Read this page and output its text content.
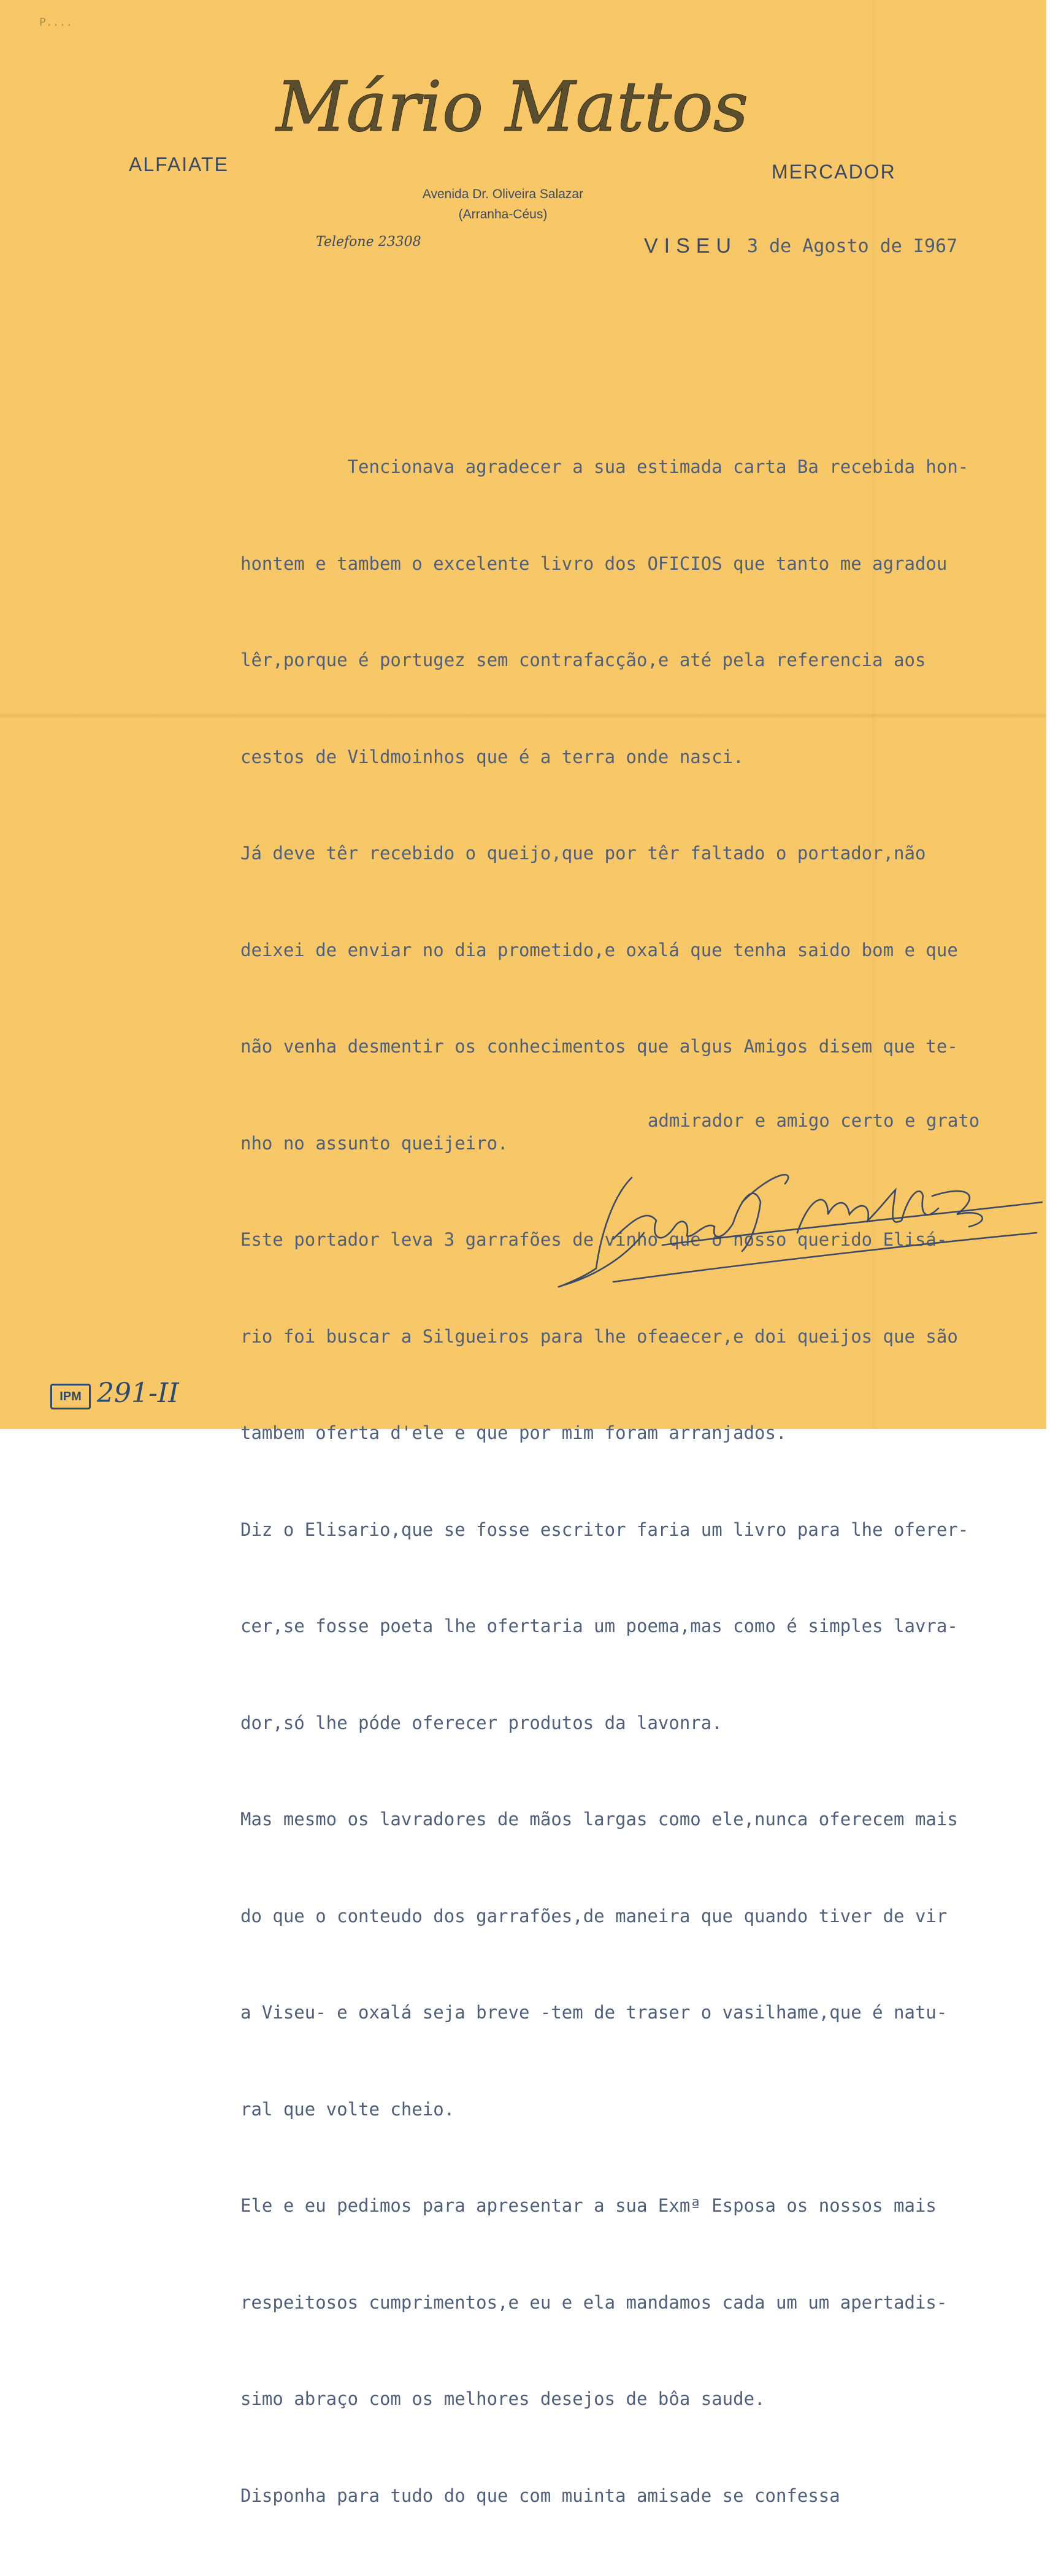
P....
Mário Mattos
ALFAIATE	MERCADOR
Avenida Dr. Oliveira Salazar
(Arranha-Céus)
Telefone 23308	VISEU 3 de Agosto de I967

Tencionava agradecer a sua estimada carta Ba recebida hon-

hontem e tambem o excelente livro dos OFICIOS que tanto me agradou

lêr,porque é portugez sem contrafacção,e até pela referencia aos

cestos de Vildmoinhos que é a terra onde nasci.

Já deve têr recebido o queijo,que por têr faltado o portador,não

deixei de enviar no dia prometido,e oxalá que tenha saido bom e que

não venha desmentir os conhecimentos que algus Amigos disem que te-

nho no assunto queijeiro.

Este portador leva 3 garrafões de vinho que o nosso querido Elisá-

rio foi buscar a Silgueiros para lhe ofeaecer,e doi queijos que são

tambem oferta d'ele e que por mim foram arranjados.

Diz o Elisario,que se fosse escritor faria um livro para lhe oferer-

cer,se fosse poeta lhe ofertaria um poema,mas como é simples lavra-

dor,só lhe póde oferecer produtos da lavonra.

Mas mesmo os lavradores de mãos largas como ele,nunca oferecem mais

do que o conteudo dos garrafões,de maneira que quando tiver de vir

a Viseu- e oxalá seja breve -tem de traser o vasilhame,que é natu-

ral que volte cheio.

Ele e eu pedimos para apresentar a sua Exmª Esposa os nossos mais

respeitosos cumprimentos,e eu e ela mandamos cada um um apertadis-

simo abraço com os melhores desejos de bôa saude.

Disponha para tudo do que com muinta amisade se confessa

admirador e amigo certo e grato
IPM 291-II
